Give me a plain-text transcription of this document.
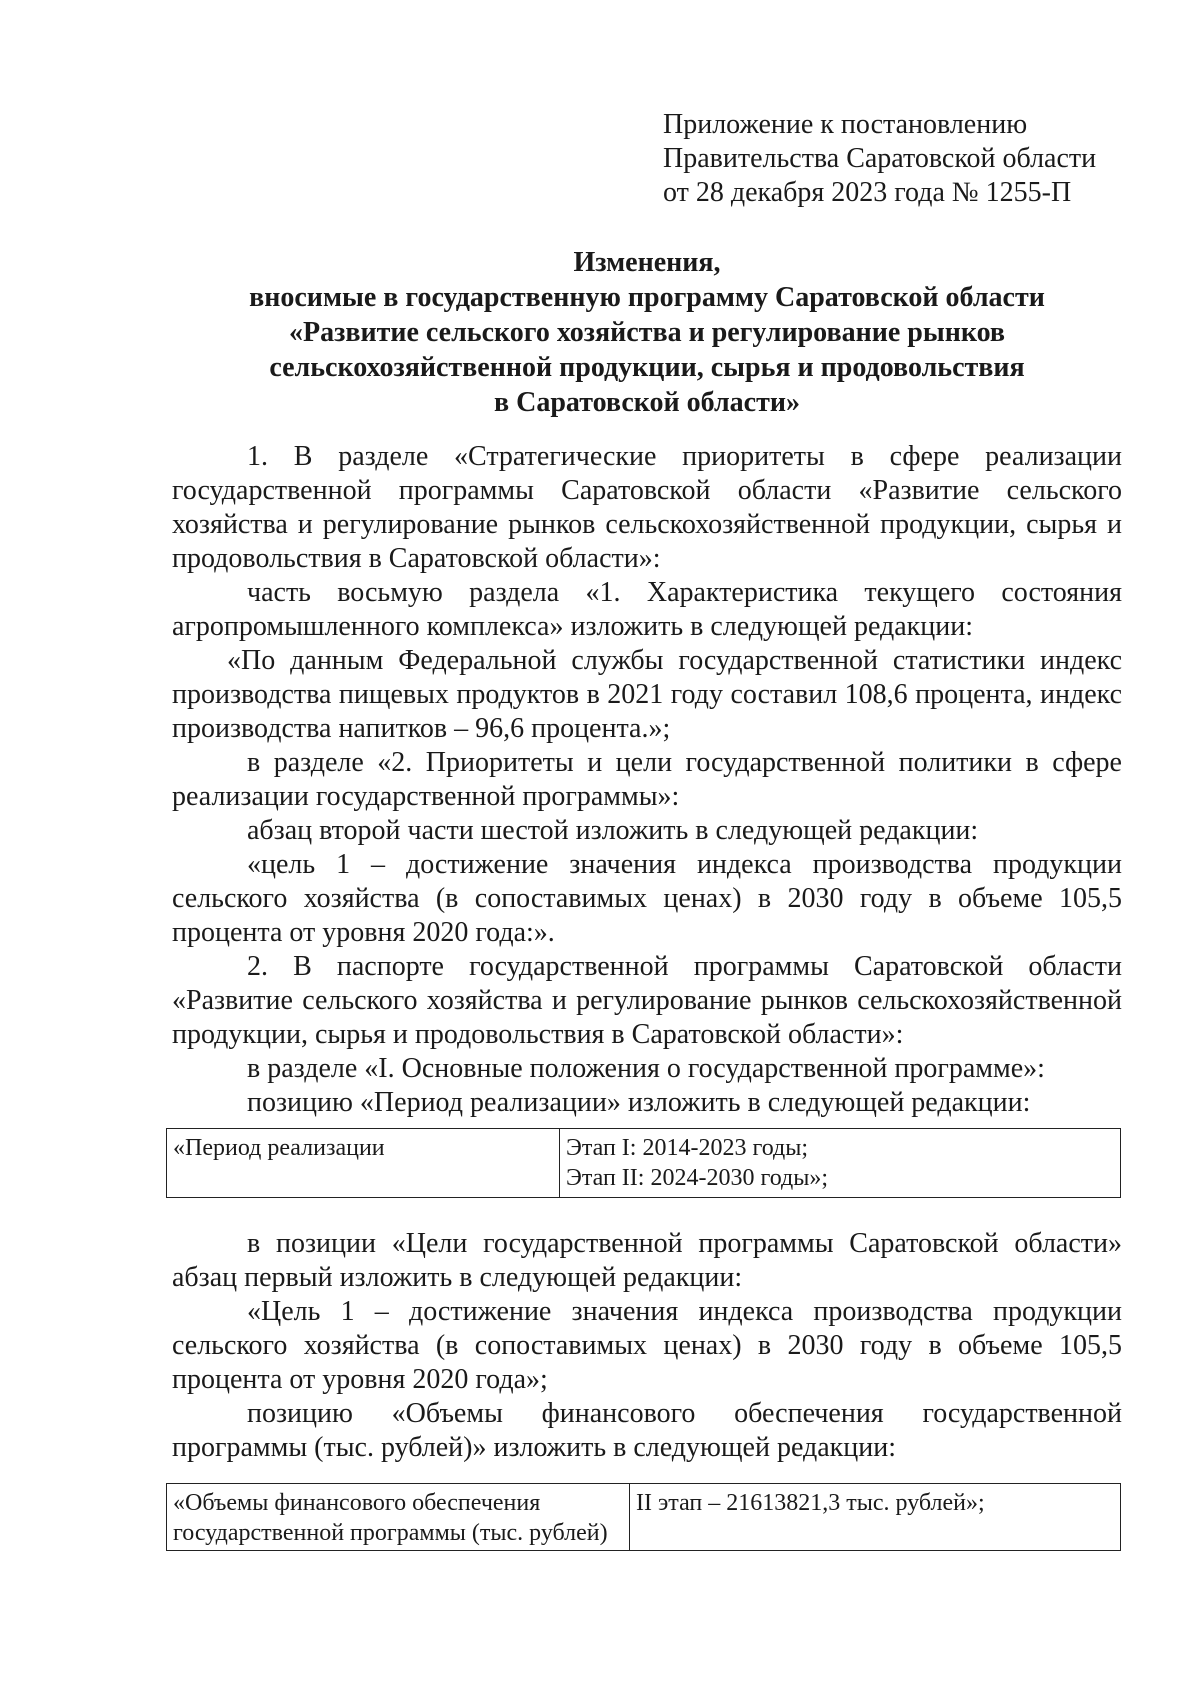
Приложение к постановлению
Правительства Саратовской области
от 28 декабря 2023 года № 1255-П
Изменения,
вносимые в государственную программу Саратовской области
«Развитие сельского хозяйства и регулирование рынков
сельскохозяйственной продукции, сырья и продовольствия
в Саратовской области»

1. В разделе «Стратегические приоритеты в сфере реализации государственной программы Саратовской области «Развитие сельского хозяйства и регулирование рынков сельскохозяйственной продукции, сырья и продовольствия в Саратовской области»:

часть восьмую раздела «1. Характеристика текущего состояния агропромышленного комплекса» изложить в следующей редакции:

«По данным Федеральной службы государственной статистики индекс производства пищевых продуктов в 2021 году составил 108,6 процента, индекс производства напитков – 96,6 процента.»;

в разделе «2. Приоритеты и цели государственной политики в сфере реализации государственной программы»:

абзац второй части шестой изложить в следующей редакции:

«цель 1 – достижение значения индекса производства продукции сельского хозяйства (в сопоставимых ценах) в 2030 году в объеме 105,5 процента от уровня 2020 года:».

2. В паспорте государственной программы Саратовской области «Развитие сельского хозяйства и регулирование рынков сельскохозяйственной продукции, сырья и продовольствия в Саратовской области»:

в разделе «I. Основные положения о государственной программе»:

позицию «Период реализации» изложить в следующей редакции:

«Период реализации	Этап I: 2014-2023 годы;
Этап II: 2024-2030 годы»;

в позиции «Цели государственной программы Саратовской области» абзац первый изложить в следующей редакции:

«Цель 1 – достижение значения индекса производства продукции сельского хозяйства (в сопоставимых ценах) в 2030 году в объеме 105,5 процента от уровня 2020 года»;

позицию «Объемы финансового обеспечения государственной программы (тыс. рублей)» изложить в следующей редакции:

«Объемы финансового обеспечения
государственной программы (тыс. рублей)
	II этап – 21613821,3 тыс. рублей»;
